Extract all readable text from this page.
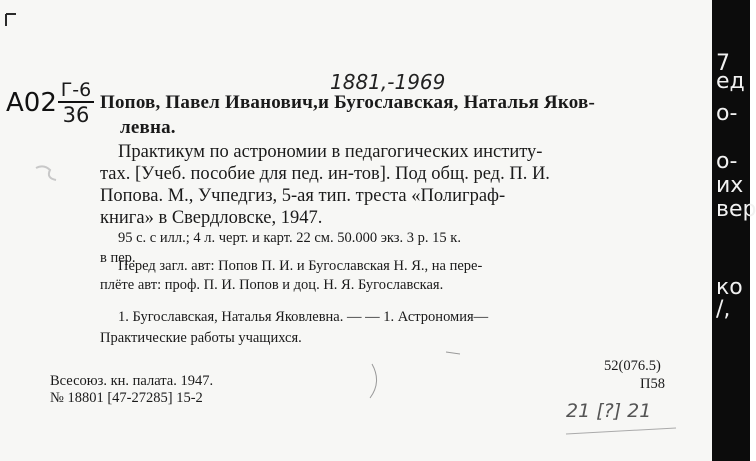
А02 Г-6
36
1881,-1969
Попов, Павел Иванович,и Бугославская, Наталья Яков-
левна.
Практикум по астрономии в педагогических институ-
тах. [Учеб. пособие для пед. ин-тов]. Под общ. ред. П. И.
Попова. М., Учпедгиз, 5-ая тип. треста «Полиграф-
книга» в Свердловске, 1947.
95 с. с илл.; 4 л. черт. и карт. 22 см. 50.000 экз. 3 р. 15 к.
в пер.
Перед загл. авт: Попов П. И. и Бугославская Н. Я., на пере-
плёте авт: проф. П. И. Попов и доц. Н. Я. Бугославская.
1. Бугославская, Наталья Яковлевна. — — 1. Астрономия—
Практические работы учащихся.
Всесоюз. кн. палата. 1947.
№ 18801 [47-27285] 15-2
52(076.5)
П58
21 [?] 21
7
ед
о-
о-
их
вер
ко
/,
